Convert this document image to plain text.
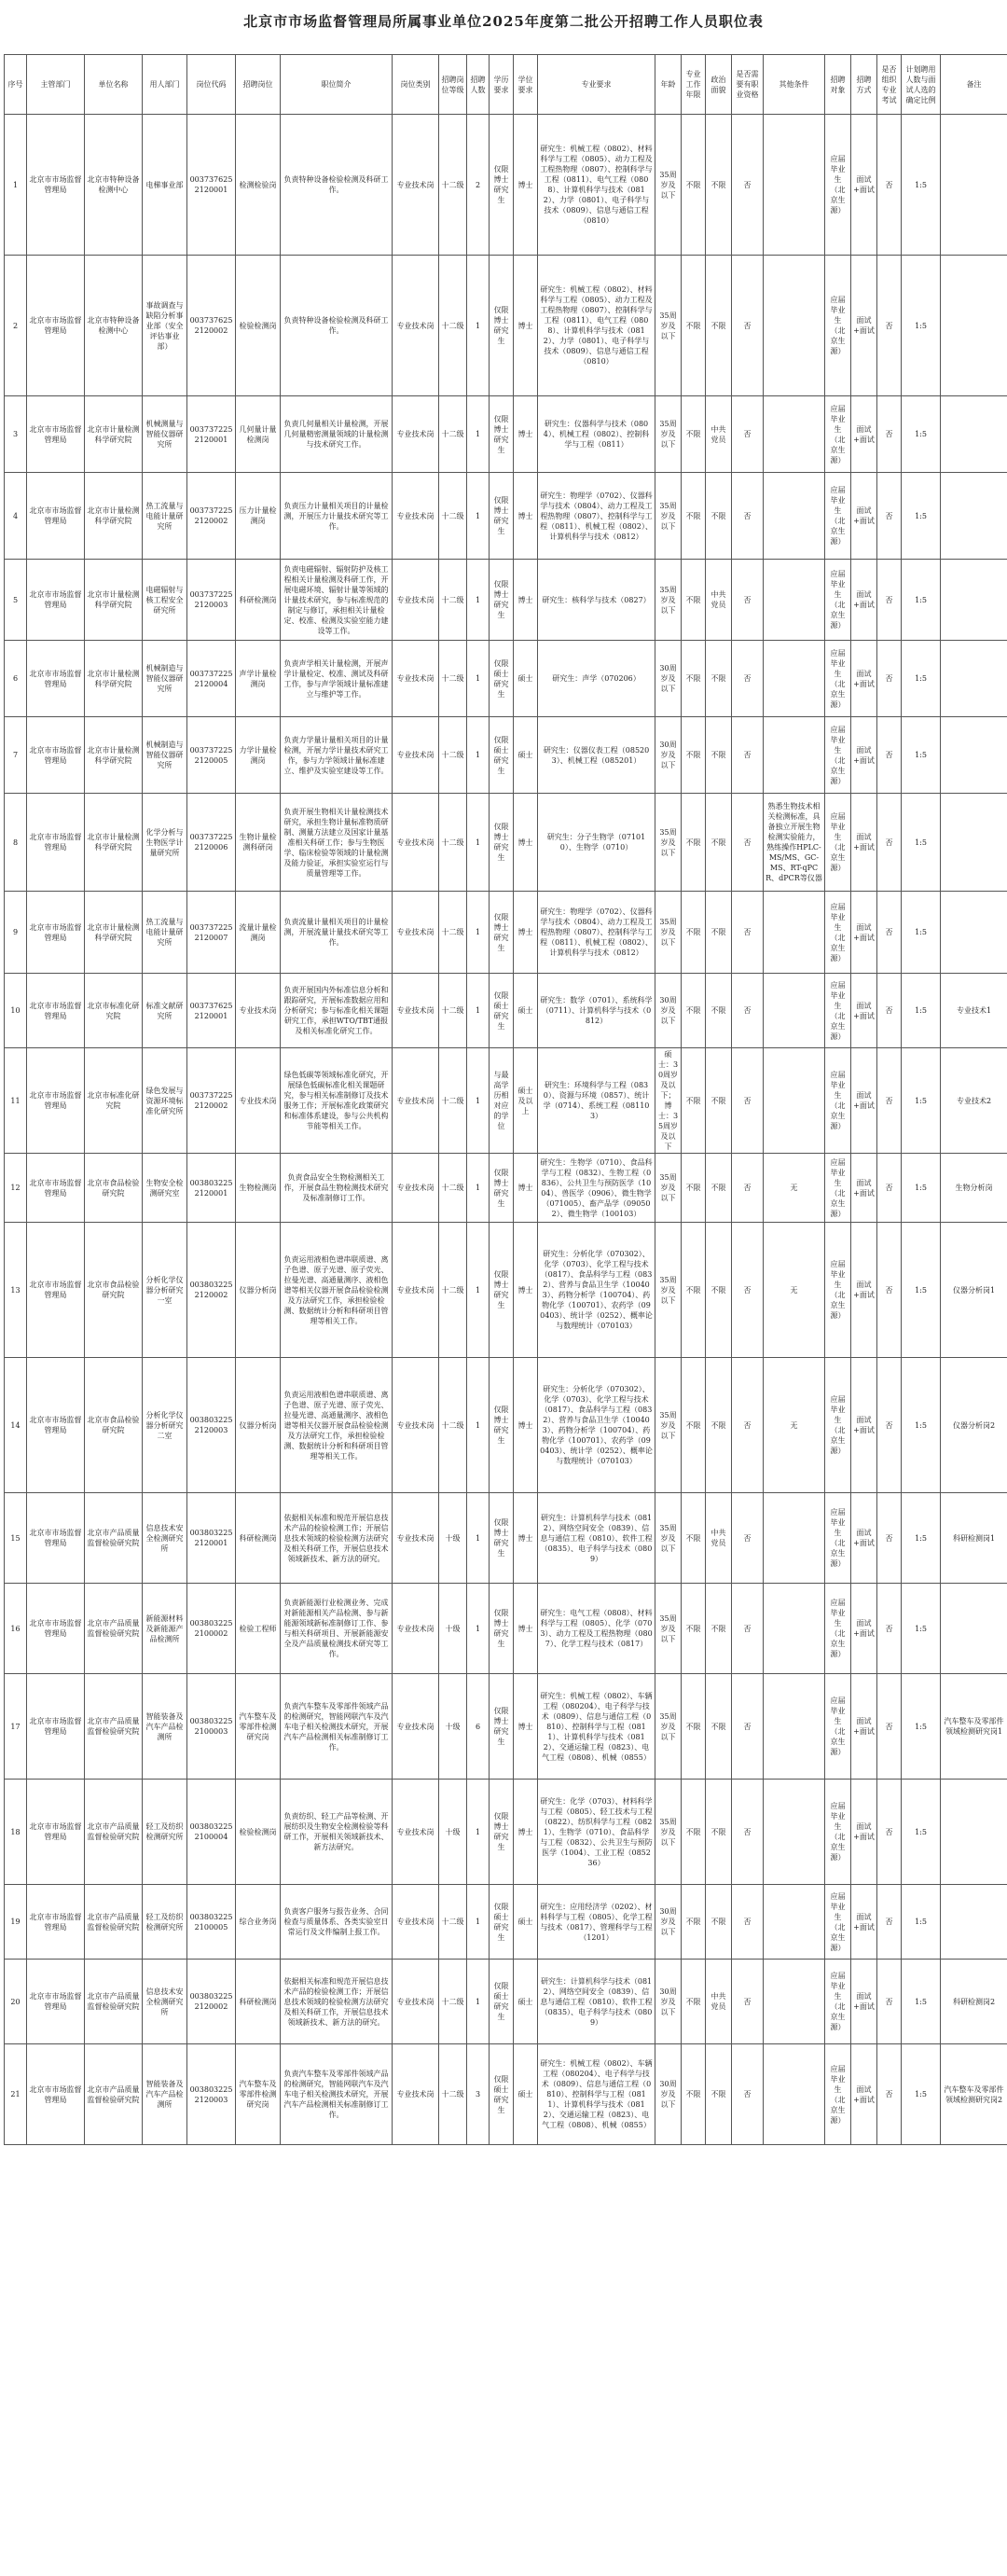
北京市市场监督管理局所属事业单位2025年度第二批公开招聘工作人员职位表
序号	主管部门	单位名称	用人部门	岗位代码	招聘岗位	职位简介	岗位类别	招聘岗位等级	招聘人数	学历要求	学位要求	专业要求	年龄	专业工作年限	政治面貌	是否需要有职业资格	其他条件	招聘对象	招聘方式	是否组织专业考试	计划聘用人数与面试人选的确定比例	备注
1	北京市市场监督管理局	北京市特种设备检测中心	电梯事业部	0037376252120001	检测检验岗	负责特种设备检验检测及科研工作。	专业技术岗	十二级	2	仅限博士研究生	博士	研究生：机械工程（0802）、材料科学与工程（0805）、动力工程及工程热物理（0807）、控制科学与工程（0811）、电气工程（0808）、计算机科学与技术（0812）、力学（0801）、电子科学与技术（0809）、信息与通信工程（0810）	35周岁及以下	不限	不限	否		应届毕业生（北京生源）	面试+面试	否	1:5	
2	北京市市场监督管理局	北京市特种设备检测中心	事故调查与缺陷分析事业部（安全评估事业部）	0037376252120002	检验检测岗	负责特种设备检验检测及科研工作。	专业技术岗	十二级	1	仅限博士研究生	博士	研究生：机械工程（0802）、材料科学与工程（0805）、动力工程及工程热物理（0807）、控制科学与工程（0811）、电气工程（0808）、计算机科学与技术（0812）、力学（0801）、电子科学与技术（0809）、信息与通信工程（0810）	35周岁及以下	不限	不限	否		应届毕业生（北京生源）	面试+面试	否	1:5	
3	北京市市场监督管理局	北京市计量检测科学研究院	机械测量与智能仪器研究所	0037372252120001	几何量计量检测岗	负责几何量相关计量检测，开展几何量精密测量领域的计量检测与技术研究工作。	专业技术岗	十二级	1	仅限博士研究生	博士	研究生：仪器科学与技术（0804）、机械工程（0802）、控制科学与工程（0811）	35周岁及以下	不限	中共党员	否		应届毕业生（北京生源）	面试+面试	否	1:5	
4	北京市市场监督管理局	北京市计量检测科学研究院	热工流量与电能计量研究所	0037372252120002	压力计量检测岗	负责压力计量相关项目的计量检测，开展压力计量技术研究等工作。	专业技术岗	十二级	1	仅限博士研究生	博士	研究生：物理学（0702）、仪器科学与技术（0804）、动力工程及工程热物理（0807）、控制科学与工程（0811）、机械工程（0802）、计算机科学与技术（0812）	35周岁及以下	不限	不限	否		应届毕业生（北京生源）	面试+面试	否	1:5	
5	北京市市场监督管理局	北京市计量检测科学研究院	电磁辐射与核工程安全研究所	0037372252120003	科研检测岗	负责电磁辐射、辐射防护及核工程相关计量检测及科研工作，开展电磁环境、辐射计量等领域的计量技术研究，参与标准规范的制定与修订，承担相关计量检定、校准、检测及实验室能力建设等工作。	专业技术岗	十二级	1	仅限博士研究生	博士	研究生：核科学与技术（0827）	35周岁及以下	不限	中共党员	否		应届毕业生（北京生源）	面试+面试	否	1:5	
6	北京市市场监督管理局	北京市计量检测科学研究院	机械制造与智能仪器研究所	0037372252120004	声学计量检测岗	负责声学相关计量检测，开展声学计量检定、校准、测试及科研工作，参与声学领域计量标准建立与维护等工作。	专业技术岗	十二级	1	仅限硕士研究生	硕士	研究生：声学（070206）	30周岁及以下	不限	不限	否		应届毕业生（北京生源）	面试+面试	否	1:5	
7	北京市市场监督管理局	北京市计量检测科学研究院	机械制造与智能仪器研究所	0037372252120005	力学计量检测岗	负责力学量计量相关项目的计量检测，开展力学计量技术研究工作，参与力学领域计量标准建立、维护及实验室建设等工作。	专业技术岗	十二级	1	仅限硕士研究生	硕士	研究生：仪器仪表工程（085203）、机械工程（085201）	30周岁及以下	不限	不限	否		应届毕业生（北京生源）	面试+面试	否	1:5	
8	北京市市场监督管理局	北京市计量检测科学研究院	化学分析与生物医学计量研究所	0037372252120006	生物计量检测科研岗	负责开展生物相关计量检测技术研究，承担生物计量标准物质研制、测量方法建立及国家计量基准相关科研工作；参与生物医学、临床检验等领域的计量检测及能力验证，承担实验室运行与质量管理等工作。	专业技术岗	十二级	1	仅限博士研究生	博士	研究生：分子生物学（071010）、生物学（0710）	35周岁及以下	不限	不限	否	熟悉生物技术相关检测标准，具备独立开展生物检测实验能力，熟练操作HPLC-MS/MS、GC-MS、RT-qPCR、dPCR等仪器	应届毕业生（北京生源）	面试+面试	否	1:5	
9	北京市市场监督管理局	北京市计量检测科学研究院	热工流量与电能计量研究所	0037372252120007	流量计量检测岗	负责流量计量相关项目的计量检测，开展流量计量技术研究等工作。	专业技术岗	十二级	1	仅限博士研究生	博士	研究生：物理学（0702）、仪器科学与技术（0804）、动力工程及工程热物理（0807）、控制科学与工程（0811）、机械工程（0802）、计算机科学与技术（0812）	35周岁及以下	不限	不限	否		应届毕业生（北京生源）	面试+面试	否	1:5	
10	北京市市场监督管理局	北京市标准化研究院	标准文献研究所	0037376252120001	专业技术岗	负责开展国内外标准信息分析和跟踪研究，开展标准数据应用和分析研究；参与标准化相关课题研究工作，承担WTO/TBT通报及相关标准化研究工作。	专业技术岗	十二级	1	仅限硕士研究生	硕士	研究生：数学（0701）、系统科学（0711）、计算机科学与技术（0812）	30周岁及以下	不限	不限	否		应届毕业生（北京生源）	面试+面试	否	1:5	专业技术1
11	北京市市场监督管理局	北京市标准化研究院	绿色发展与资源环境标准化研究所	0037372252120002	专业技术岗	绿色低碳等领域标准化研究，开展绿色低碳标准化相关课题研究，参与相关标准制修订及技术服务工作；开展标准化政策研究和标准体系建设，参与公共机构节能等相关工作。	专业技术岗	十二级	1	与最高学历相对应的学位	硕士及以上	研究生：环境科学与工程（0830）、资源与环境（0857）、统计学（0714）、系统工程（081103）	硕士：30周岁及以下；博士：35周岁及以下	不限	不限	否		应届毕业生（北京生源）	面试+面试	否	1:5	专业技术2
12	北京市市场监督管理局	北京市食品检验研究院	生物安全检测研究室	0038032252120001	生物检测岗	负责食品安全生物检测相关工作，开展食品生物检测技术研究及标准制修订工作。	专业技术岗	十二级	1	仅限博士研究生	博士	研究生：生物学（0710）、食品科学与工程（0832）、生物工程（0836）、公共卫生与预防医学（1004）、兽医学（0906）、微生物学（071005）、畜产品学（090502）、微生物学（100103）	35周岁及以下	不限	不限	否	无	应届毕业生（北京生源）	面试+面试	否	1:5	生物分析岗
13	北京市市场监督管理局	北京市食品检验研究院	分析化学仪器分析研究一室	0038032252120002	仪器分析岗	负责运用液相色谱串联质谱、离子色谱、原子光谱、原子荧光、拉曼光谱、高通量测序、液相色谱等相关仪器开展食品检验检测及方法研究工作，承担检验检测、数据统计分析和科研项目管理等相关工作。	专业技术岗	十二级	1	仅限博士研究生	博士	研究生：分析化学（070302）、化学（0703）、化学工程与技术（0817）、食品科学与工程（0832）、营养与食品卫生学（100403）、药物分析学（100704）、药物化学（100701）、农药学（090403）、统计学（0252）、概率论与数理统计（070103）	35周岁及以下	不限	不限	否	无	应届毕业生（北京生源）	面试+面试	否	1:5	仪器分析岗1
14	北京市市场监督管理局	北京市食品检验研究院	分析化学仪器分析研究二室	0038032252120003	仪器分析岗	负责运用液相色谱串联质谱、离子色谱、原子光谱、原子荧光、拉曼光谱、高通量测序、液相色谱等相关仪器开展食品检验检测及方法研究工作，承担检验检测、数据统计分析和科研项目管理等相关工作。	专业技术岗	十二级	1	仅限博士研究生	博士	研究生：分析化学（070302）、化学（0703）、化学工程与技术（0817）、食品科学与工程（0832）、营养与食品卫生学（100403）、药物分析学（100704）、药物化学（100701）、农药学（090403）、统计学（0252）、概率论与数理统计（070103）	35周岁及以下	不限	不限	否	无	应届毕业生（北京生源）	面试+面试	否	1:5	仪器分析岗2
15	北京市市场监督管理局	北京市产品质量监督检验研究院	信息技术安全检测研究所	0038032252120001	科研检测岗	依据相关标准和规范开展信息技术产品的检验检测工作；开展信息技术领域的检验检测方法研究及相关科研工作，开展信息技术领域新技术、新方法的研究。	专业技术岗	十级	1	仅限博士研究生	博士	研究生：计算机科学与技术（0812）、网络空间安全（0839）、信息与通信工程（0810）、软件工程（0835）、电子科学与技术（0809）	35周岁及以下	不限	中共党员	否		应届毕业生（北京生源）	面试+面试	否	1:5	科研检测岗1
16	北京市市场监督管理局	北京市产品质量监督检验研究院	新能源材料及新能源产品检测所	0038032252100002	检验工程师	负责新能源行业检测业务、完成对新能源相关产品检测、参与新能源领域新标准制修订工作、参与相关科研项目、开展新能源安全及产品质量检测技术研究等工作。	专业技术岗	十级	1	仅限博士研究生	博士	研究生：电气工程（0808）、材料科学与工程（0805）、化学（0703）、动力工程及工程热物理（0807）、化学工程与技术（0817）	35周岁及以下	不限	不限	否		应届毕业生（北京生源）	面试+面试	否	1:5	
17	北京市市场监督管理局	北京市产品质量监督检验研究院	智能装备及汽车产品检测所	0038032252100003	汽车整车及零部件检测研究岗	负责汽车整车及零部件领域产品的检测研究，智能网联汽车及汽车电子相关检测技术研究，开展汽车产品检测相关标准制修订工作。	专业技术岗	十级	6	仅限博士研究生	博士	研究生：机械工程（0802）、车辆工程（080204）、电子科学与技术（0809）、信息与通信工程（0810）、控制科学与工程（0811）、计算机科学与技术（0812）、交通运输工程（0823）、电气工程（0808）、机械（0855）	35周岁及以下	不限	不限	否		应届毕业生（北京生源）	面试+面试	否	1:5	汽车整车及零部件领域检测研究岗1
18	北京市市场监督管理局	北京市产品质量监督检验研究院	轻工及纺织检测研究所	0038032252100004	检验检测岗	负责纺织、轻工产品等检测、开展纺织及生物安全检测检验等科研工作，开展相关领域新技术、新方法研究。	专业技术岗	十级	1	仅限博士研究生	博士	研究生：化学（0703）、材料科学与工程（0805）、轻工技术与工程（0822）、纺织科学与工程（0821）、生物学（0710）、食品科学与工程（0832）、公共卫生与预防医学（1004）、工业工程（085236）	35周岁及以下	不限	不限	否		应届毕业生（北京生源）	面试+面试	否	1:5	
19	北京市市场监督管理局	北京市产品质量监督检验研究院	轻工及纺织检测研究所	0038032252100005	综合业务岗	负责客户服务与报告业务、合同检查与质量体系、各类实验室日常运行及文件编制上报工作。	专业技术岗	十二级	1	仅限硕士研究生	硕士	研究生：应用经济学（0202）、材料科学与工程（0805）、化学工程与技术（0817）、管理科学与工程（1201）	30周岁及以下	不限	不限	否		应届毕业生（北京生源）	面试+面试	否	1:5	
20	北京市市场监督管理局	北京市产品质量监督检验研究院	信息技术安全检测研究所	0038032252120002	科研检测岗	依据相关标准和规范开展信息技术产品的检验检测工作；开展信息技术领域的检验检测方法研究及相关科研工作，开展信息技术领域新技术、新方法的研究。	专业技术岗	十二级	1	仅限硕士研究生	硕士	研究生：计算机科学与技术（0812）、网络空间安全（0839）、信息与通信工程（0810）、软件工程（0835）、电子科学与技术（0809）	30周岁及以下	不限	中共党员	否		应届毕业生（北京生源）	面试+面试	否	1:5	科研检测岗2
21	北京市市场监督管理局	北京市产品质量监督检验研究院	智能装备及汽车产品检测所	0038032252120003	汽车整车及零部件检测研究岗	负责汽车整车及零部件领域产品的检测研究，智能网联汽车及汽车电子相关检测技术研究，开展汽车产品检测相关标准制修订工作。	专业技术岗	十二级	3	仅限硕士研究生	硕士	研究生：机械工程（0802）、车辆工程（080204）、电子科学与技术（0809）、信息与通信工程（0810）、控制科学与工程（0811）、计算机科学与技术（0812）、交通运输工程（0823）、电气工程（0808）、机械（0855）	30周岁及以下	不限	不限	否		应届毕业生（北京生源）	面试+面试	否	1:5	汽车整车及零部件领域检测研究岗2
